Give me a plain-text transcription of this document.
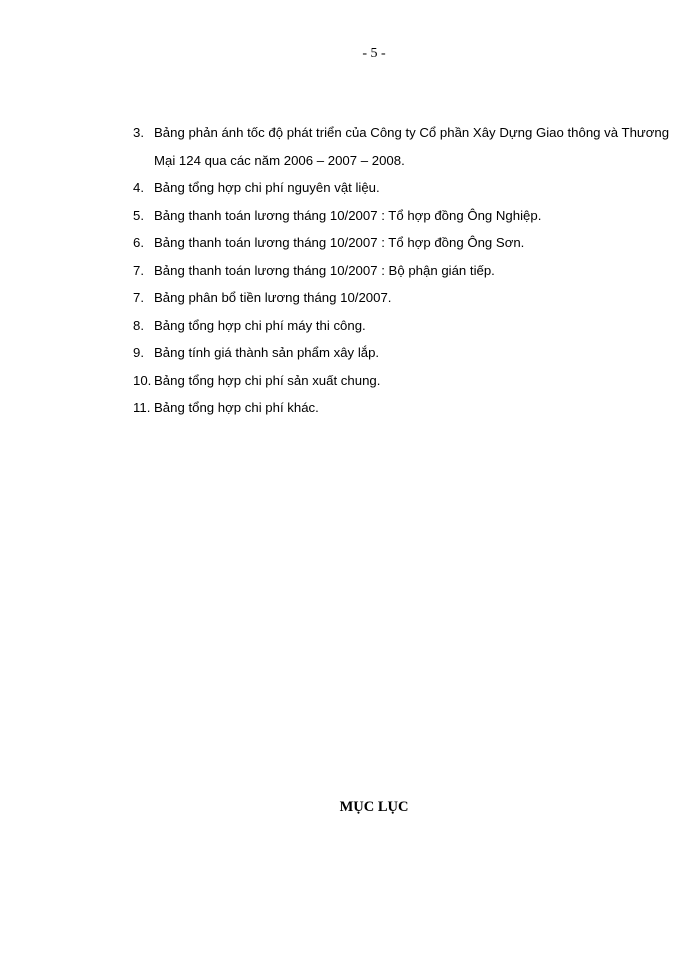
- 5 -
3. Bảng phản ánh tốc độ phát triển của Công ty Cổ phần Xây Dựng Giao thông và Thương Mại 124 qua các năm 2006 – 2007 – 2008.
4. Bảng tổng hợp chi phí nguyên vật liệu.
5. Bảng thanh toán lương tháng 10/2007 : Tổ hợp đồng Ông Nghiệp.
6. Bảng thanh toán lương tháng 10/2007 : Tổ hợp đồng Ông Sơn.
7. Bảng thanh toán lương tháng 10/2007 : Bộ phận gián tiếp.
7. Bảng phân bổ tiền lương tháng 10/2007.
8. Bảng tổng hợp chi phí máy thi công.
9. Bảng tính giá thành sản phẩm xây lắp.
10. Bảng tổng hợp chi phí sản xuất chung.
11. Bảng tổng hợp chi phí khác.
MỤC LỤC
